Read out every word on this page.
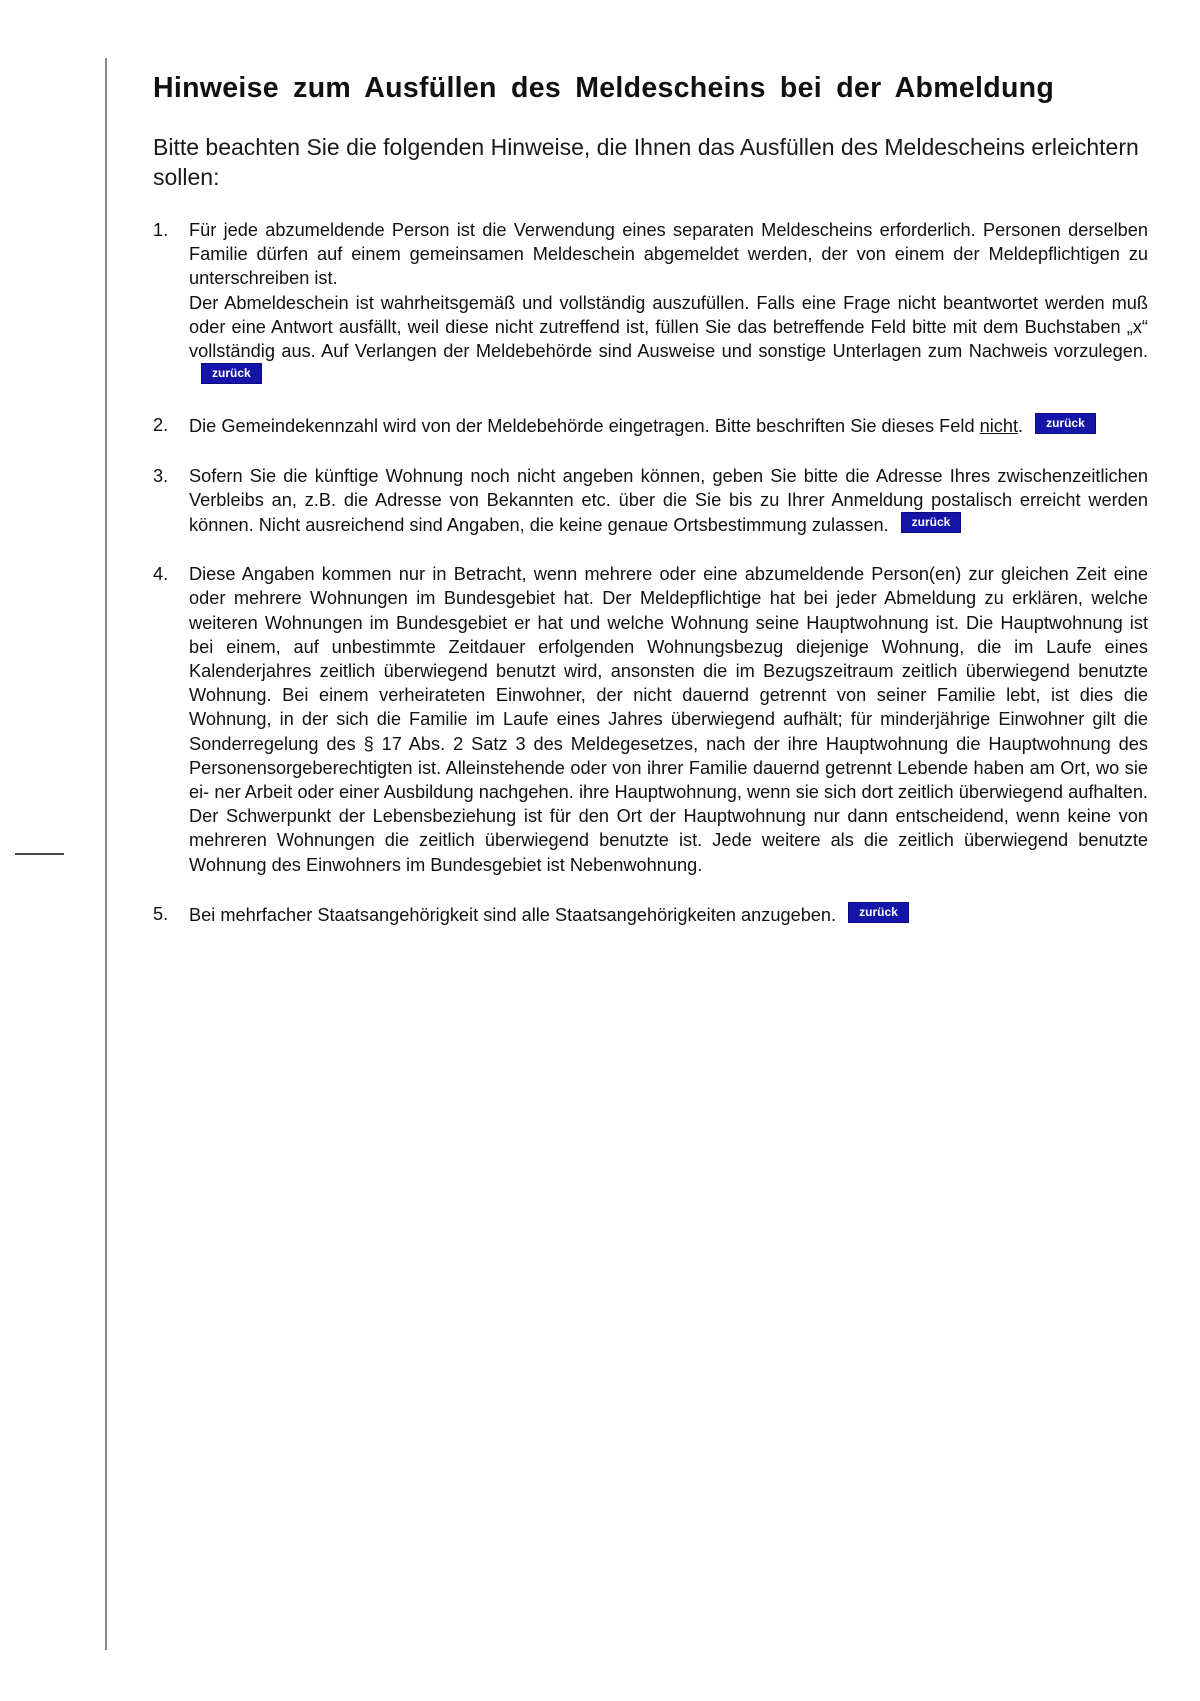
Hinweise zum Ausfüllen des Meldescheins bei der Abmeldung

Bitte beachten Sie die folgenden Hinweise, die Ihnen das Ausfüllen des Meldescheins erleichtern sollen:

1.	Für jede abzumeldende Person ist die Verwendung eines separaten Meldescheins erforderlich. Personen derselben Familie dürfen auf einem gemeinsamen Meldeschein abgemeldet werden, der von einem der Meldepflichtigen zu unterschreiben ist.
Der Abmeldeschein ist wahrheitsgemäß und vollständig auszufüllen. Falls eine Frage nicht beantwortet werden muß oder eine Antwort ausfällt, weil diese nicht zutreffend ist, füllen Sie das betreffende Feld bitte mit dem Buchstaben „x“ vollständig aus. Auf Verlangen der Meldebehörde sind Ausweise und sonstige Unterlagen zum Nachweis vorzulegen.zurück
2.	Die Gemeindekennzahl wird von der Meldebehörde eingetragen. Bitte beschriften Sie dieses Feld nicht. zurück
3.	Sofern Sie die künftige Wohnung noch nicht angeben können, geben Sie bitte die Adresse Ihres zwischenzeitlichen Verbleibs an, z.B. die Adresse von Bekannten etc. über die Sie bis zu Ihrer Anmeldung postalisch erreicht werden können. Nicht ausreichend sind Angaben, die keine genaue Ortsbestimmung zulassen. zurück
4.	Diese Angaben kommen nur in Betracht, wenn mehrere oder eine abzumeldende Person(en) zur gleichen Zeit eine oder mehrere Wohnungen im Bundesgebiet hat. Der Meldepflichtige hat bei jeder Abmeldung zu erklären, welche weiteren Wohnungen im Bundesgebiet er hat und welche Wohnung seine Hauptwohnung ist. Die Hauptwohnung ist bei einem, auf unbestimmte Zeitdauer erfolgenden Wohnungsbezug diejenige Wohnung, die im Laufe eines Kalenderjahres zeitlich überwiegend benutzt wird, ansonsten die im Bezugszeitraum zeitlich überwiegend benutzte Wohnung. Bei einem verheirateten Einwohner, der nicht dauernd getrennt von seiner Familie lebt, ist dies die Wohnung, in der sich die Familie im Laufe eines Jahres überwiegend aufhält; für minderjährige Einwohner gilt die Sonderregelung des § 17 Abs. 2 Satz 3 des Meldegesetzes, nach der ihre Hauptwohnung die Hauptwohnung des Personensorgeberechtigten ist. Alleinstehende oder von ihrer Familie dauernd getrennt Lebende haben am Ort, wo sie ei- ner Arbeit oder einer Ausbildung nachgehen. ihre Hauptwohnung, wenn sie sich dort zeitlich überwiegend aufhalten. Der Schwerpunkt der Lebensbeziehung ist für den Ort der Hauptwohnung nur dann entscheidend, wenn keine von mehreren Wohnungen die zeitlich überwiegend benutzte ist. Jede weitere als die zeitlich überwiegend benutzte Wohnung des Einwohners im Bundesgebiet ist Nebenwohnung.
5.	Bei mehrfacher Staatsangehörigkeit sind alle Staatsangehörigkeiten anzugeben. zurück
